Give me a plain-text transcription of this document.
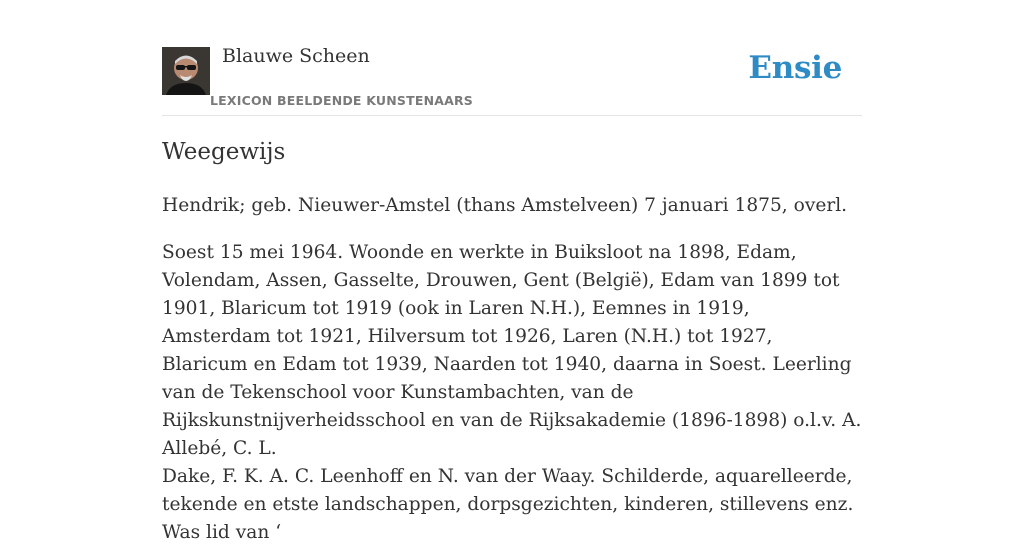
Blauwe Scheen
LEXICON BEELDENDE KUNSTENAARS
Ensie
Weegewijs
Hendrik; geb. Nieuwer-Amstel (thans Amstelveen) 7 januari 1875, overl.
Soest 15 mei 1964. Woonde en werkte in Buiksloot na 1898, Edam, Volendam, Assen, Gasselte, Drouwen, Gent (België), Edam van 1899 tot 1901, Blaricum tot 1919 (ook in Laren N.H.), Eemnes in 1919, Amsterdam tot 1921, Hilversum tot 1926, Laren (N.H.) tot 1927, Blaricum en Edam tot 1939, Naarden tot 1940, daarna in Soest. Leerling van de Tekenschool voor Kunstambachten, van de Rijkskunstnijverheidsschool en van de Rijksakademie (1896-1898) o.l.v. A. Allebé, C. L.
Dake, F. K. A. C. Leenhoff en N. van der Waay. Schilderde, aquarelleerde, tekende en etste landschappen, dorpsgezichten, kinderen, stillevens enz. Was lid van ‘
